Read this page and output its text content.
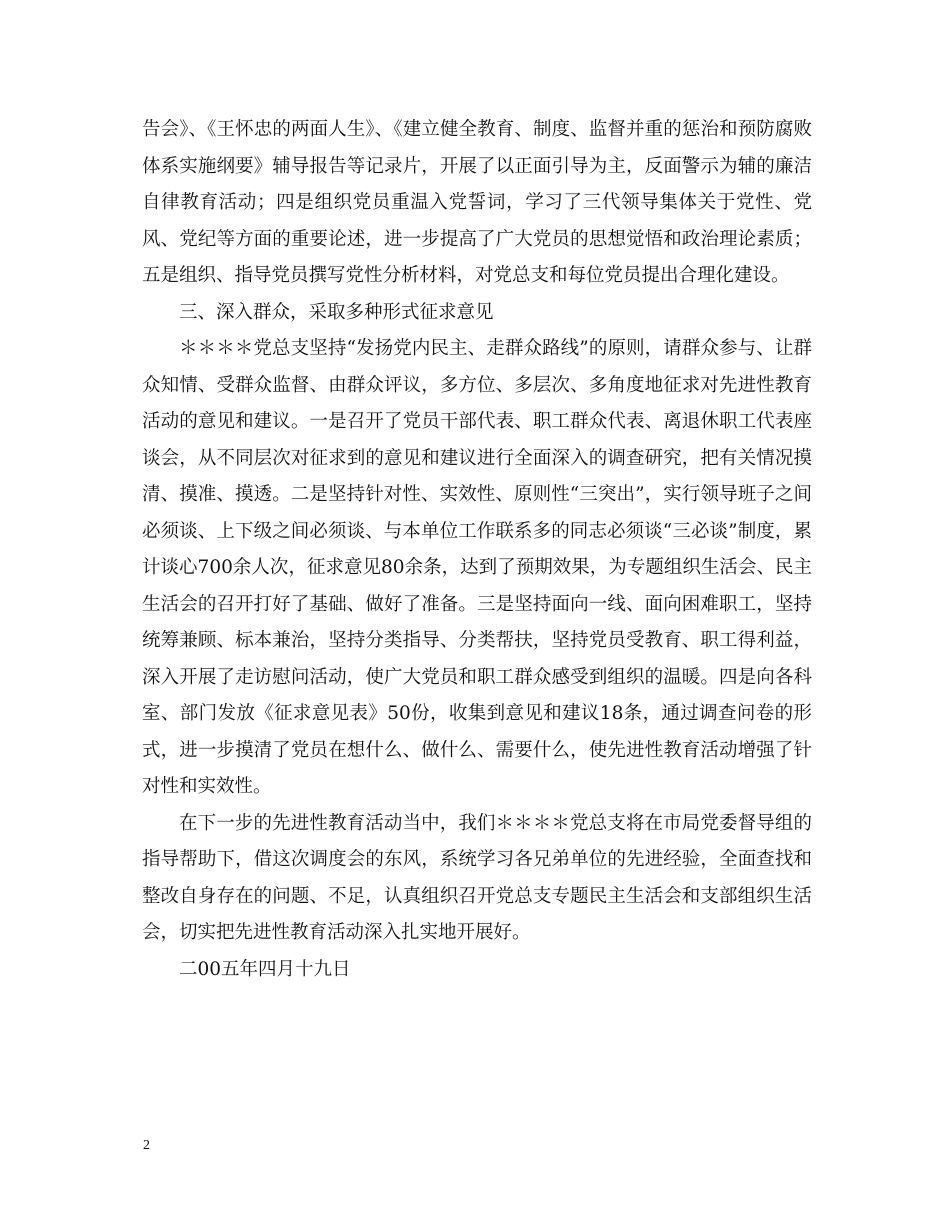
告会》、《王怀忠的两面人生》、《建立健全教育、制度、监督并重的惩治和预防腐败体系实施纲要》辅导报告等记录片，开展了以正面引导为主，反面警示为辅的廉洁自律教育活动；四是组织党员重温入党誓词，学习了三代领导集体关于党性、党风、党纪等方面的重要论述，进一步提高了广大党员的思想觉悟和政治理论素质；五是组织、指导党员撰写党性分析材料，对党总支和每位党员提出合理化建设。

三、深入群众，采取多种形式征求意见

＊＊＊＊党总支坚持“发扬党内民主、走群众路线”的原则，请群众参与、让群众知情、受群众监督、由群众评议，多方位、多层次、多角度地征求对先进性教育活动的意见和建议。一是召开了党员干部代表、职工群众代表、离退休职工代表座谈会，从不同层次对征求到的意见和建议进行全面深入的调查研究，把有关情况摸清、摸准、摸透。二是坚持针对性、实效性、原则性“三突出”，实行领导班子之间必须谈、上下级之间必须谈、与本单位工作联系多的同志必须谈“三必谈”制度，累计谈心700余人次，征求意见80余条，达到了预期效果，为专题组织生活会、民主生活会的召开打好了基础、做好了准备。三是坚持面向一线、面向困难职工，坚持统筹兼顾、标本兼治，坚持分类指导、分类帮扶，坚持党员受教育、职工得利益，深入开展了走访慰问活动，使广大党员和职工群众感受到组织的温暖。四是向各科室、部门发放《征求意见表》50份，收集到意见和建议18条，通过调查问卷的形式，进一步摸清了党员在想什么、做什么、需要什么，使先进性教育活动增强了针对性和实效性。

在下一步的先进性教育活动当中，我们＊＊＊＊党总支将在市局党委督导组的指导帮助下，借这次调度会的东风，系统学习各兄弟单位的先进经验，全面查找和整改自身存在的问题、不足，认真组织召开党总支专题民主生活会和支部组织生活会，切实把先进性教育活动深入扎实地开展好。

二00五年四月十九日

2
